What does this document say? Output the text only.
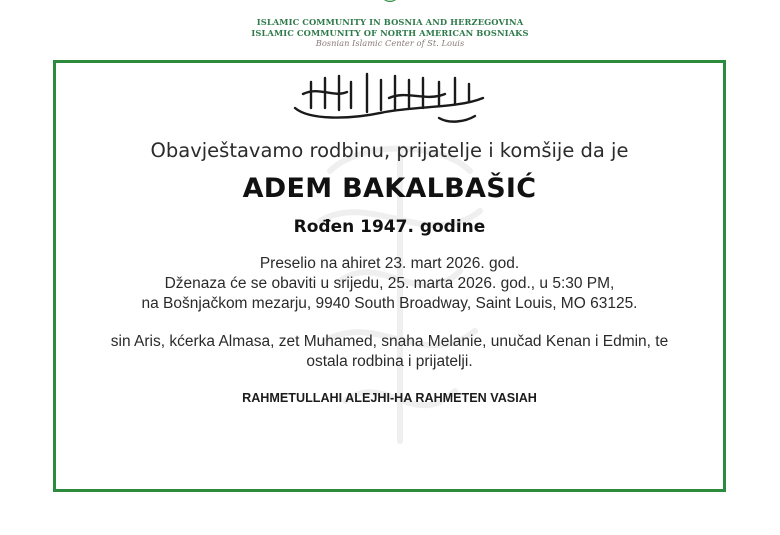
ISLAMIC COMMUNITY IN BOSNIA AND HERZEGOVINA
ISLAMIC COMMUNITY OF NORTH AMERICAN BOSNIAKS
Bosnian Islamic Center of St. Louis
Obavještavamo rodbinu, prijatelje i komšije da je
ADEM BAKALBAŠIĆ
Rođen 1947. godine
Preselio na ahiret 23. mart 2026. god.
Dženaza će se obaviti u srijedu, 25. marta 2026. god., u 5:30 PM,
na Bošnjačkom mezarju, 9940 South Broadway, Saint Louis, MO 63125.
sin Aris, kćerka Almasa, zet Muhamed, snaha Melanie, unučad Kenan i Edmin, te
ostala rodbina i prijatelji.
RAHMETULLAHI ALEJHI-HA RAHMETEN VASIAH
